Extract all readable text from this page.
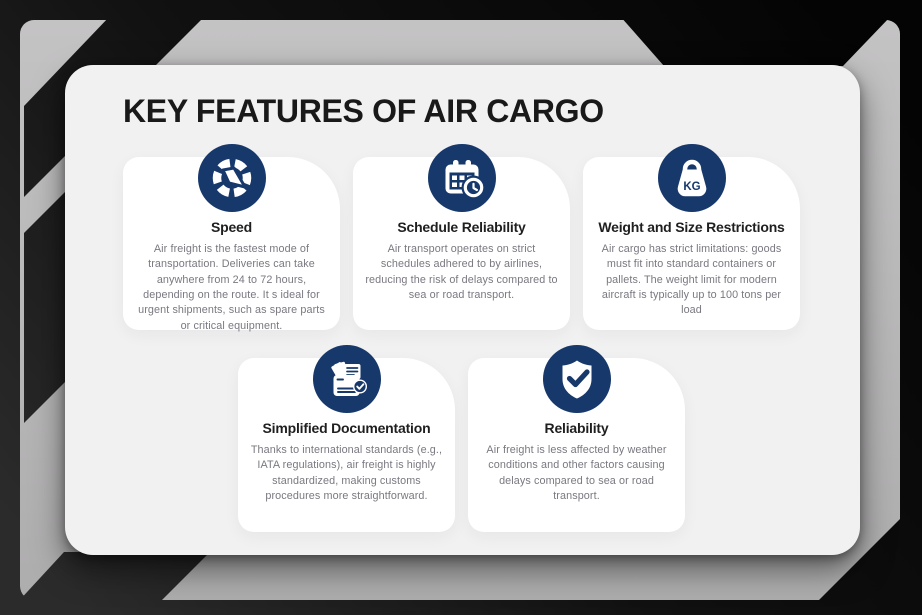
KEY FEATURES OF AIR CARGO
Speed

Air freight is the fastest mode of transportation. Deliveries can take anywhere from 24 to 72 hours, depending on the route. It s ideal for urgent shipments, such as spare parts or critical equipment.

Schedule Reliability

Air transport operates on strict schedules adhered to by airlines, reducing the risk of delays compared to sea or road transport.

KG
Weight and Size Restrictions

Air cargo has strict limitations: goods must fit into standard containers or pallets. The weight limit for modern aircraft is typically up to 100 tons per load

Simplified Documentation

Thanks to international standards (e.g., IATA regulations), air freight is highly standardized, making customs procedures more straightforward.

Reliability

Air freight is less affected by weather conditions and other factors causing delays compared to sea or road transport.
